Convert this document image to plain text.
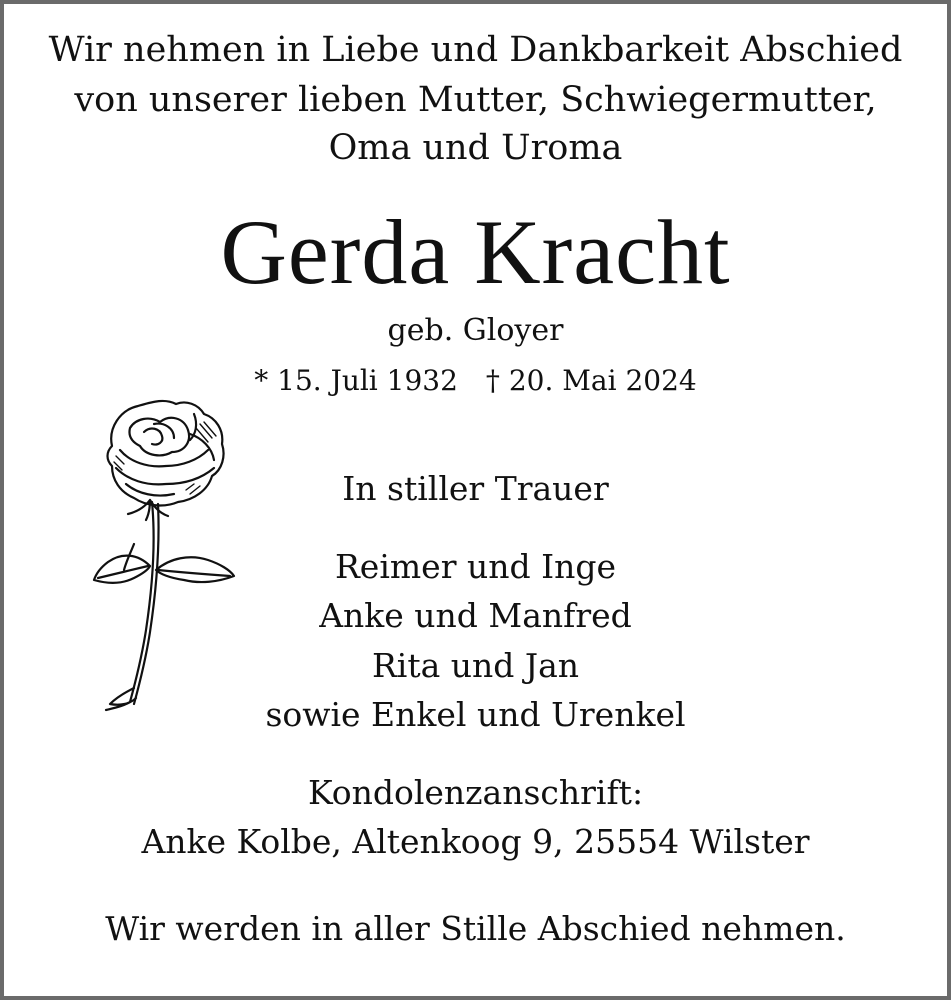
Wir nehmen in Liebe und Dankbarkeit Abschied

von unserer lieben Mutter, Schwiegermutter,

Oma und Uroma

Gerda Kracht

geb. Gloyer

* 15. Juli 1932 † 20. Mai 2024

In stiller Trauer

Reimer und Inge

Anke und Manfred

Rita und Jan

sowie Enkel und Urenkel

Kondolenzanschrift:

Anke Kolbe, Altenkoog 9, 25554 Wilster

Wir werden in aller Stille Abschied nehmen.
